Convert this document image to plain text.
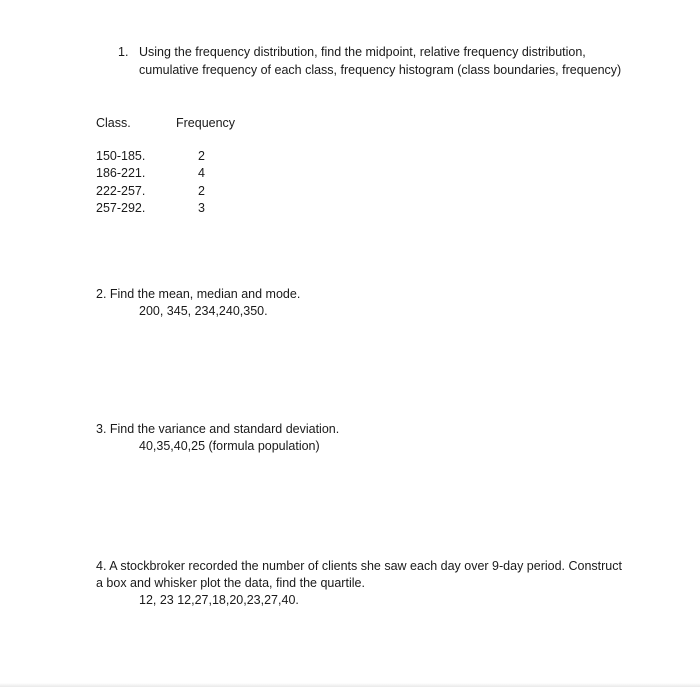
1. Using the frequency distribution, find the midpoint, relative frequency distribution,
cumulative frequency of each class, frequency histogram (class boundaries, frequency)
Class.	Frequency
150-185.	2
186-221.	4
222-257.	2
257-292.	3
2. Find the mean, median and mode.
200, 345, 234,240,350.
3. Find the variance and standard deviation.
40,35,40,25 (formula population)
4. A stockbroker recorded the number of clients she saw each day over 9-day period. Construct
a box and whisker plot the data, find the quartile.
12, 23 12,27,18,20,23,27,40.
